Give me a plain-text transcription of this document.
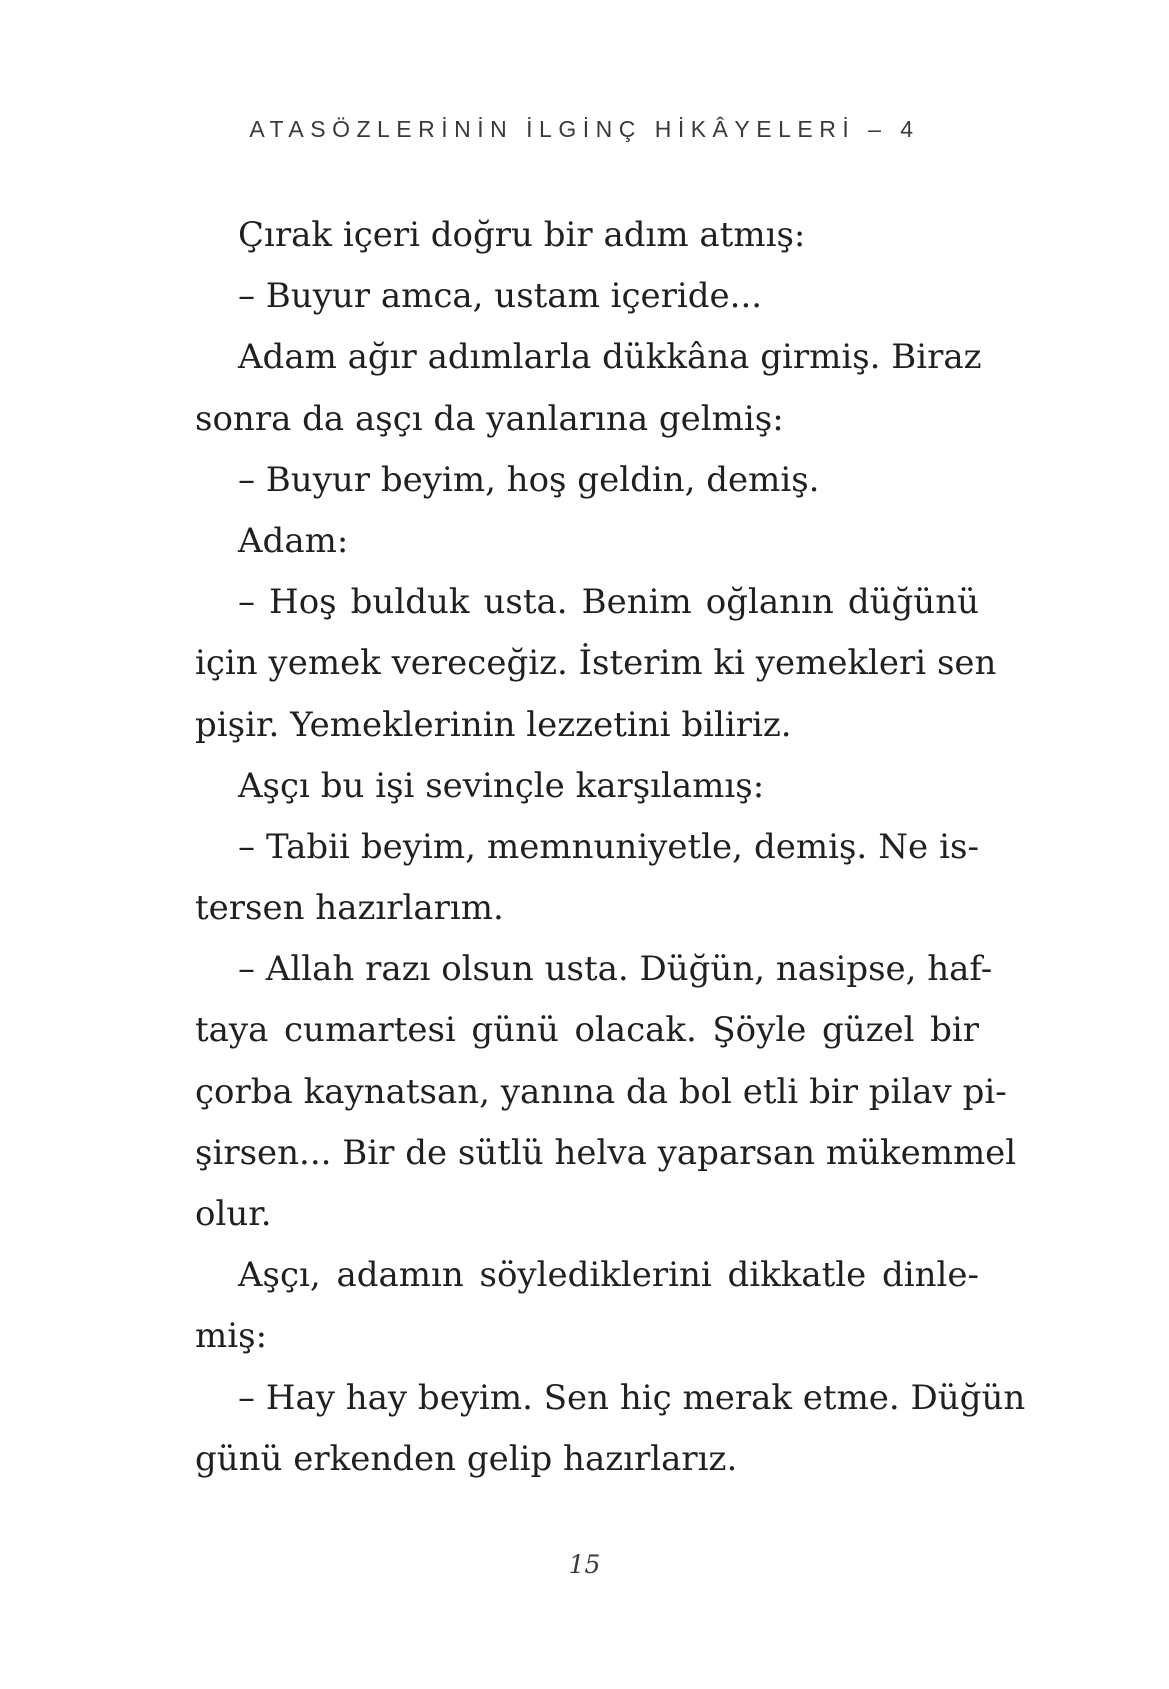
ATASÖZLERİNİN İLGİNÇ HİKÂYELERİ – 4
Çırak içeri doğru bir adım atmış:
– Buyur amca, ustam içeride...
Adam ağır adımlarla dükkâna girmiş. Biraz
sonra da aşçı da yanlarına gelmiş:
– Buyur beyim, hoş geldin, demiş.
Adam:
– Hoş bulduk usta. Benim oğlanın düğünü
için yemek vereceğiz. İsterim ki yemekleri sen
pişir. Yemeklerinin lezzetini biliriz.
Aşçı bu işi sevinçle karşılamış:
– Tabii beyim, memnuniyetle, demiş. Ne is-
tersen hazırlarım.
– Allah razı olsun usta. Düğün, nasipse, haf-
taya cumartesi günü olacak. Şöyle güzel bir
çorba kaynatsan, yanına da bol etli bir pilav pi-
şirsen... Bir de sütlü helva yaparsan mükemmel
olur.
Aşçı, adamın söylediklerini dikkatle dinle-
miş:
– Hay hay beyim. Sen hiç merak etme. Düğün
günü erkenden gelip hazırlarız.
15
